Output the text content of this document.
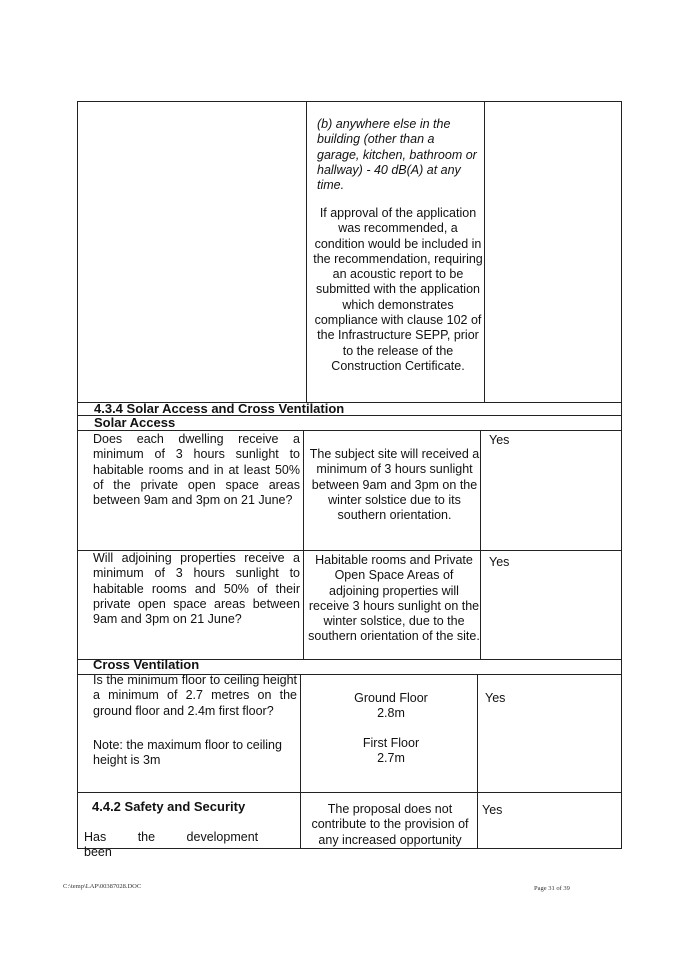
(b) anywhere else in the building (other than a garage, kitchen, bathroom or hallway) - 40 dB(A) at any time.
If approval of the application was recommended, a condition would be included in the recommendation, requiring an acoustic report to be submitted with the application which demonstrates compliance with clause 102 of the Infrastructure SEPP, prior to the release of the Construction Certificate.
4.3.4 Solar Access and Cross Ventilation
Solar Access
Does each dwelling receive a minimum of 3 hours sunlight to habitable rooms and in at least 50% of the private open space areas between 9am and 3pm on 21 June?
The subject site will received a minimum of 3 hours sunlight between 9am and 3pm on the winter solstice due to its southern orientation.
Yes
Will adjoining properties receive a minimum of 3 hours sunlight to habitable rooms and 50% of their private open space areas between 9am and 3pm on 21 June?
Habitable rooms and Private Open Space Areas of adjoining properties will receive 3 hours sunlight on the winter solstice, due to the southern orientation of the site.
Yes
Cross Ventilation
Is the minimum floor to ceiling height a minimum of 2.7 metres on the ground floor and 2.4m first floor?
Note: the maximum floor to ceiling height is 3m
Ground Floor
2.8m
First Floor
2.7m
Yes
4.4.2 Safety and Security
Has the development been
The proposal does not contribute to the provision of any increased opportunity
Yes
C:\temp\LAP\00387028.DOC	Page 31 of 39
